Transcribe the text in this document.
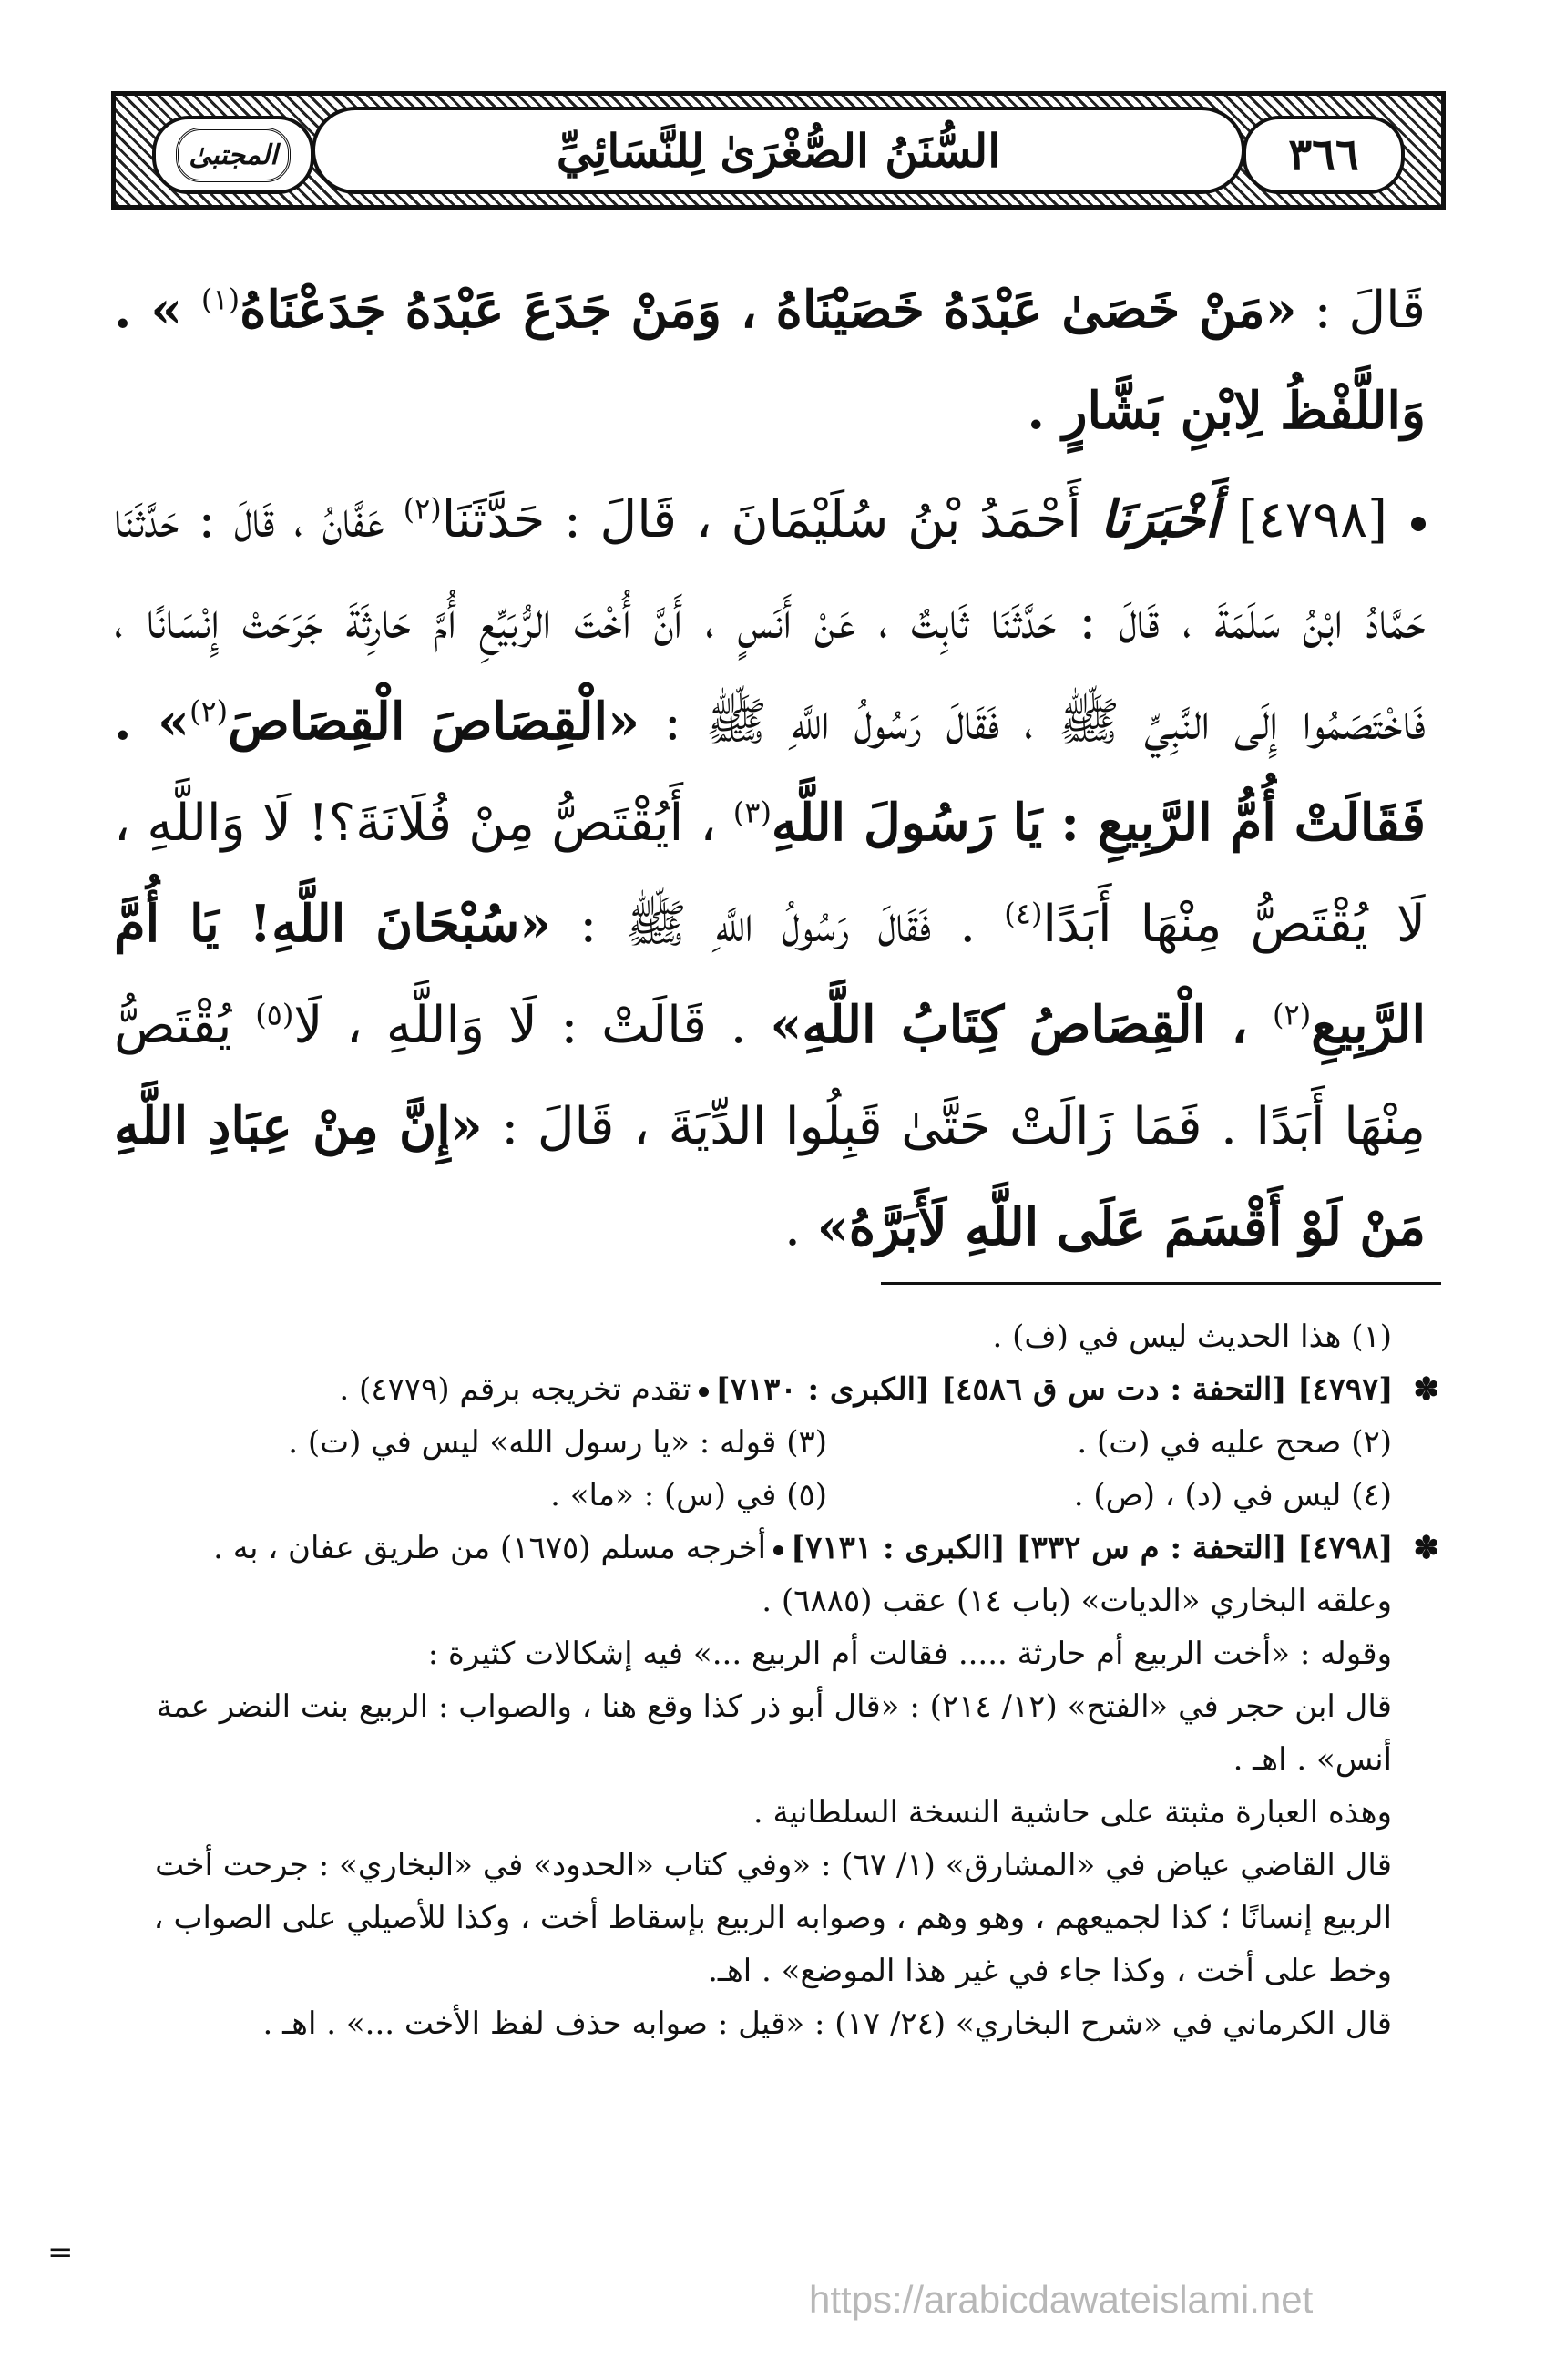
٣٦٦
السُّنَنُ الصُّغْرَىٰ لِلنَّسَائِيِّ
المجتبىٰ

قَالَ : «مَنْ خَصَىٰ عَبْدَهُ خَصَيْنَاهُ ، وَمَنْ جَدَعَ عَبْدَهُ جَدَعْنَاهُ$^{(١)}$ » . وَاللَّفْظُ لِابْنِ بَشَّارٍ .

[٤٧٩٨] أَخْبَرَنَا أَحْمَدُ بْنُ سُلَيْمَانَ ، قَالَ : حَدَّثَنَا$^{(٢)}$ عَفَّانُ ، قَالَ : حَدَّثَنَا حَمَّادُ ابْنُ سَلَمَةَ ، قَالَ : حَدَّثَنَا ثَابِتٌ ، عَنْ أَنَسٍ ، أَنَّ أُخْتَ الرُّبَيِّعِ أُمَّ حَارِثَةَ جَرَحَتْ إِنْسَانًا ، فَاخْتَصَمُوا إِلَى النَّبِيِّ ﷺ ، فَقَالَ رَسُولُ اللَّهِ ﷺ : «الْقِصَاصَ الْقِصَاصَ$^{(٢)}$» . فَقَالَتْ أُمُّ الرَّبِيعِ : يَا رَسُولَ اللَّهِ$^{(٣)}$ ، أَيُقْتَصُّ مِنْ فُلَانَةَ؟! لَا وَاللَّهِ ، لَا يُقْتَصُّ مِنْهَا أَبَدًا$^{(٤)}$ . فَقَالَ رَسُولُ اللَّهِ ﷺ : «سُبْحَانَ اللَّهِ! يَا أُمَّ الرَّبِيعِ$^{(٢)}$ ، الْقِصَاصُ كِتَابُ اللَّهِ» . قَالَتْ : لَا وَاللَّهِ ، لَا$^{(٥)}$ يُقْتَصُّ مِنْهَا أَبَدًا . فَمَا زَالَتْ حَتَّىٰ قَبِلُوا الدِّيَةَ ، قَالَ : «إِنَّ مِنْ عِبَادِ اللَّهِ مَنْ لَوْ أَقْسَمَ عَلَى اللَّهِ لَأَبَرَّهُ» .

(١) هذا الحديث ليس في (ف) .

✽[٤٧٩٧] [التحفة : دت س ق ٤٥٨٦] [الكبرى : ٧١٣٠]تقدم تخريجه برقم (٤٧٧٩) .

(٢) صحح عليه في (ت) .
(٣) قوله : «يا رسول الله» ليس في (ت) .
(٤) ليس في (د) ، (ص) .
(٥) في (س) : «ما» .

✽[٤٧٩٨] [التحفة : م س ٣٣٢] [الكبرى : ٧١٣١]أخرجه مسلم (١٦٧٥) من طريق عفان ، به .

وعلقه البخاري «الديات» (باب ١٤) عقب (٦٨٨٥) .

وقوله : «أخت الربيع أم حارثة ..... فقالت أم الربيع ...» فيه إشكالات كثيرة :

قال ابن حجر في «الفتح» (١٢/ ٢١٤) : «قال أبو ذر كذا وقع هنا ، والصواب : الربيع بنت النضر عمة أنس» . اهـ .

وهذه العبارة مثبتة على حاشية النسخة السلطانية .

قال القاضي عياض في «المشارق» (١/ ٦٧) : «وفي كتاب «الحدود» في «البخاري» : جرحت أخت الربيع إنسانًا ؛ كذا لجميعهم ، وهو وهم ، وصوابه الربيع بإسقاط أخت ، وكذا للأصيلي على الصواب ، وخط على أخت ، وكذا جاء في غير هذا الموضع» . اهـ.

قال الكرماني في «شرح البخاري» (٢٤/ ١٧) : «قيل : صوابه حذف لفظ الأخت ...» . اهـ .

=
https://arabicdawateislami.net
